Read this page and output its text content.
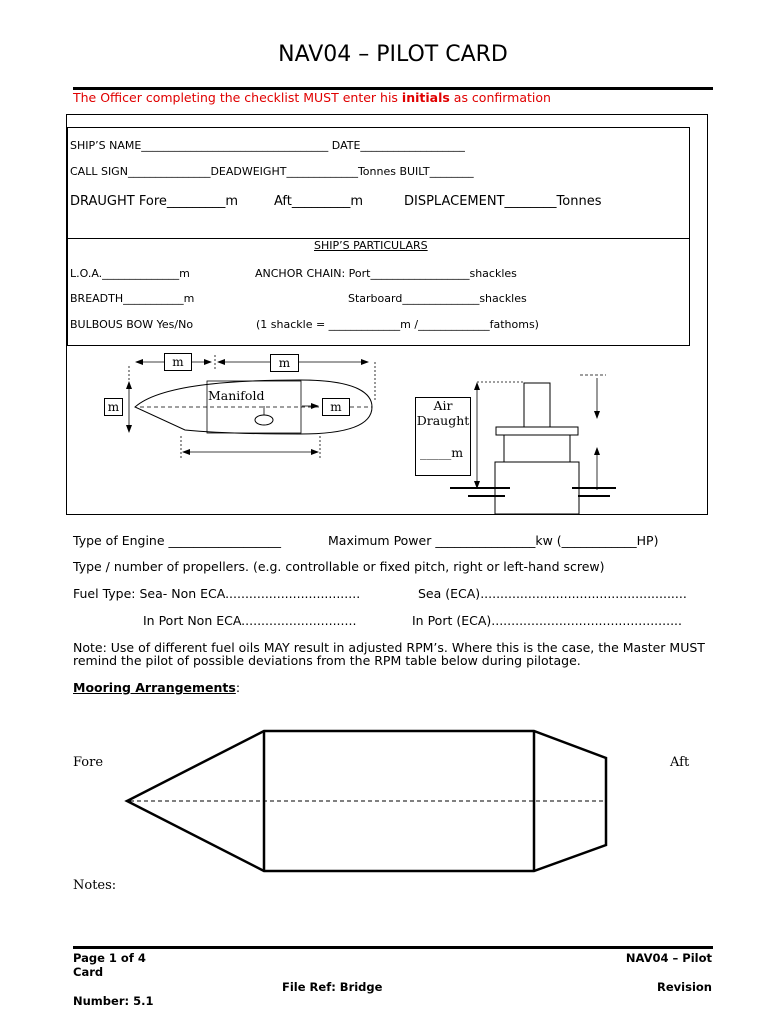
NAV04 – PILOT CARD
The Officer completing the checklist MUST enter his initials as confirmation
SHIP’S NAME__________________________________ DATE___________________
CALL SIGN_______________DEADWEIGHT_____________Tonnes BUILT________
DRAUGHT Fore_________m	Aft_________m	DISPLACEMENT________Tonnes
SHIP’S PARTICULARS
L.O.A.______________m	ANCHOR CHAIN: Port__________________shackles
BREADTH___________m	Starboard______________shackles
BULBOUS BOW Yes/No	(1 shackle = _____________m /_____________fathoms)
m	m
m	m
Manifold
Air
Draught
_____m
Type of Engine __________________	Maximum Power ________________kw (____________HP)
Type / number of propellers. (e.g. controllable or fixed pitch, right or left-hand screw)
Fuel Type: Sea- Non ECA..................................	Sea (ECA)....................................................
In Port Non ECA.............................	In Port (ECA)................................................
Note: Use of different fuel oils MAY result in adjusted RPM’s. Where this is the case, the Master MUST
remind the pilot of possible deviations from the RPM table below during pilotage.
Mooring Arrangements:
Fore	Aft
Notes:
Page 1 of 4
Card
Number: 5.1
File Ref: Bridge
NAV04 – Pilot
Revision
